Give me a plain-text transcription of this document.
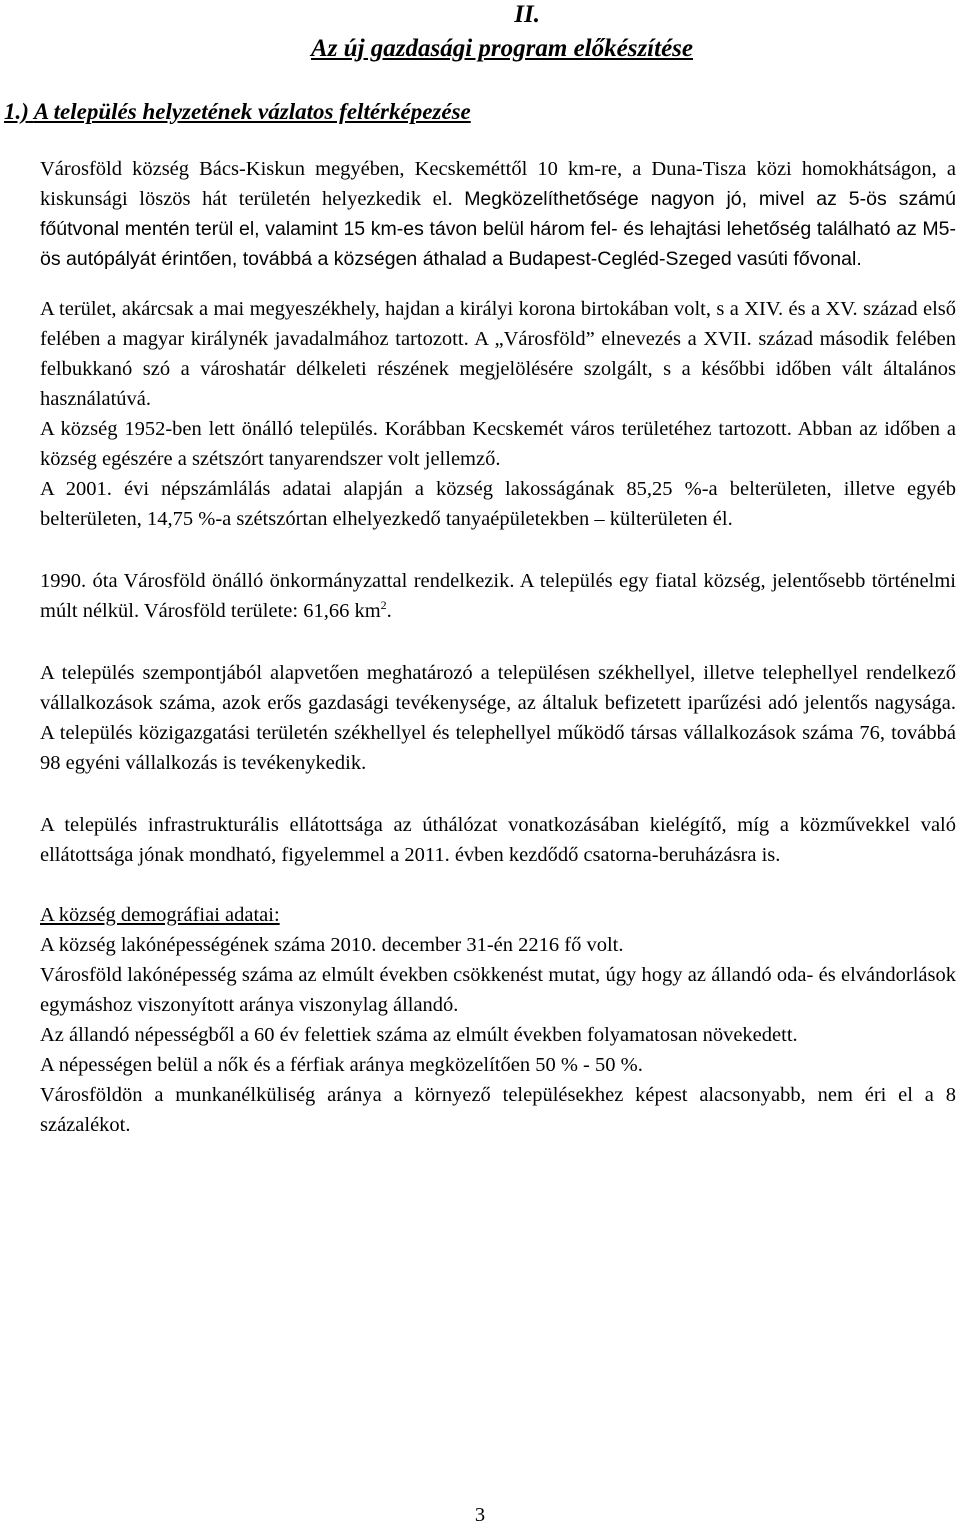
II.
Az új gazdasági program előkészítése
1.) A település helyzetének vázlatos feltérképezése

Városföld község Bács-Kiskun megyében, Kecskeméttől 10 km-re, a Duna-Tisza közi homokhátságon, a kiskunsági löszös hát területén helyezkedik el. Megközelíthetősége nagyon jó, mivel az 5-ös számú főútvonal mentén terül el, valamint 15 km-es távon belül három fel- és lehajtási lehetőség található az M5-ös autópályát érintően, továbbá a községen áthalad a Budapest-Cegléd-Szeged vasúti fővonal.

A terület, akárcsak a mai megyeszékhely, hajdan a királyi korona birtokában volt, s a XIV. és a XV. század első felében a magyar királynék javadalmához tartozott. A „Városföld” elnevezés a XVII. század második felében felbukkanó szó a városhatár délkeleti részének megjelölésére szolgált, s a későbbi időben vált általános használatúvá.

A község 1952-ben lett önálló település. Korábban Kecskemét város területéhez tartozott. Abban az időben a község egészére a szétszórt tanyarendszer volt jellemző.

A 2001. évi népszámlálás adatai alapján a község lakosságának 85,25 %-a belterületen, illetve egyéb belterületen, 14,75 %-a szétszórtan elhelyezkedő tanyaépületekben – külterületen él.

1990. óta Városföld önálló önkormányzattal rendelkezik. A település egy fiatal község, jelentősebb történelmi múlt nélkül. Városföld területe: 61,66 $km^2$.

A település szempontjából alapvetően meghatározó a településen székhellyel, illetve telephellyel rendelkező vállalkozások száma, azok erős gazdasági tevékenysége, az általuk befizetett iparűzési adó jelentős nagysága. A település közigazgatási területén székhellyel és telephellyel működő társas vállalkozások száma 76, továbbá 98 egyéni vállalkozás is tevékenykedik.

A település infrastrukturális ellátottsága az úthálózat vonatkozásában kielégítő, míg a közművekkel való ellátottsága jónak mondható, figyelemmel a 2011. évben kezdődő csatorna-beruházásra is.

A község demográfiai adatai:

A község lakónépességének száma 2010. december 31-én 2216 fő volt.

Városföld lakónépesség száma az elmúlt években csökkenést mutat, úgy hogy az állandó oda- és elvándorlások egymáshoz viszonyított aránya viszonylag állandó.

Az állandó népességből a 60 év felettiek száma az elmúlt években folyamatosan növekedett.

A népességen belül a nők és a férfiak aránya megközelítően 50 % - 50 %.

Városföldön a munkanélküliség aránya a környező településekhez képest alacsonyabb, nem éri el a 8 százalékot.

3
